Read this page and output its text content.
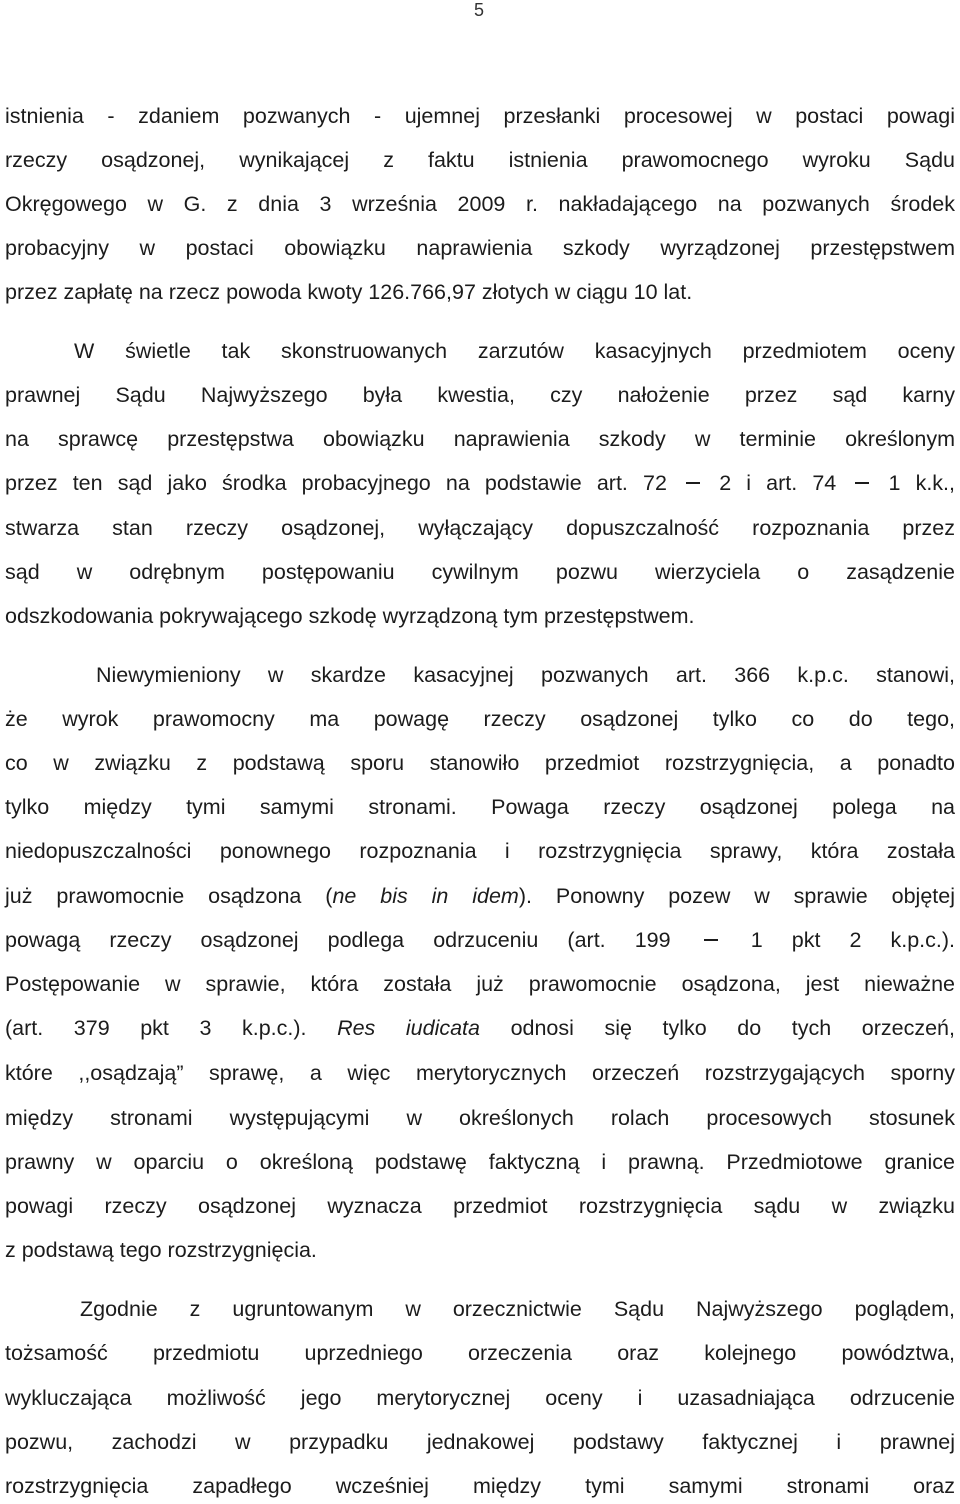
5
istnienia - zdaniem pozwanych - ujemnej przesłanki procesowej w postaci powagi
rzeczy osądzonej, wynikającej z faktu istnienia prawomocnego wyroku Sądu
Okręgowego w G. z dnia 3 września 2009 r. nakładającego na pozwanych środek
probacyjny w postaci obowiązku naprawienia szkody wyrządzonej przestępstwem
przez zapłatę na rzecz powoda kwoty 126.766,97 złotych w ciągu 10 lat.
W świetle tak skonstruowanych zarzutów kasacyjnych przedmiotem oceny
prawnej Sądu Najwyższego była kwestia, czy nałożenie przez sąd karny
na sprawcę przestępstwa obowiązku naprawienia szkody w terminie określonym
przez ten sąd jako środka probacyjnego na podstawie art. 72 2 i art. 74 1 k.k.,
stwarza stan rzeczy osądzonej, wyłączający dopuszczalność rozpoznania przez
sąd w odrębnym postępowaniu cywilnym pozwu wierzyciela o zasądzenie
odszkodowania pokrywającego szkodę wyrządzoną tym przestępstwem.
Niewymieniony w skardze kasacyjnej pozwanych art. 366 k.p.c. stanowi,
że wyrok prawomocny ma powagę rzeczy osądzonej tylko co do tego,
co w związku z podstawą sporu stanowiło przedmiot rozstrzygnięcia, a ponadto
tylko między tymi samymi stronami. Powaga rzeczy osądzonej polega na
niedopuszczalności ponownego rozpoznania i rozstrzygnięcia sprawy, która została
już prawomocnie osądzona (ne bis in idem). Ponowny pozew w sprawie objętej
powagą rzeczy osądzonej podlega odrzuceniu (art. 199	1 pkt 2 k.p.c.).
Postępowanie w sprawie, która została już prawomocnie osądzona, jest nieważne
(art. 379 pkt 3 k.p.c.). Res iudicata odnosi się tylko do tych orzeczeń,
które ,,osądzają” sprawę, a więc merytorycznych orzeczeń rozstrzygających sporny
między stronami występującymi w określonych rolach procesowych stosunek
prawny w oparciu o określoną podstawę faktyczną i prawną. Przedmiotowe granice
powagi rzeczy osądzonej wyznacza przedmiot rozstrzygnięcia sądu w związku
z podstawą tego rozstrzygnięcia.
Zgodnie z ugruntowanym w orzecznictwie Sądu Najwyższego poglądem,
tożsamość przedmiotu uprzedniego orzeczenia oraz kolejnego powództwa,
wykluczająca możliwość jego merytorycznej oceny i uzasadniająca odrzucenie
pozwu, zachodzi w przypadku jednakowej podstawy faktycznej i prawnej
rozstrzygnięcia zapadłego wcześniej między tymi samymi stronami oraz
